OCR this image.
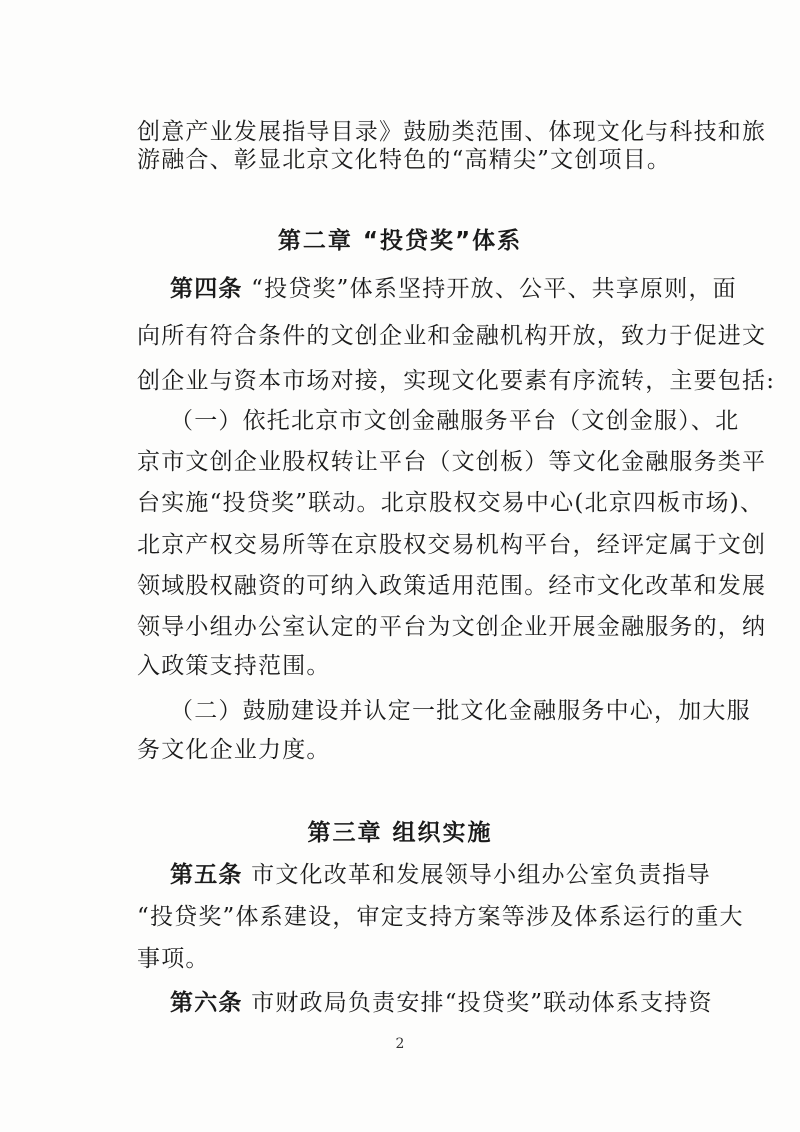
创意产业发展指导目录》鼓励类范围、体现文化与科技和旅
游融合、彰显北京文化特色的“高精尖”文创项目。
第二章 “投贷奖”体系
第四条 “投贷奖”体系坚持开放、公平、共享原则，面
向所有符合条件的文创企业和金融机构开放，致力于促进文
创企业与资本市场对接，实现文化要素有序流转，主要包括:
（一）依托北京市文创金融服务平台（文创金服）、北
京市文创企业股权转让平台（文创板）等文化金融服务类平
台实施“投贷奖”联动。北京股权交易中心(北京四板市场)、
北京产权交易所等在京股权交易机构平台，经评定属于文创
领域股权融资的可纳入政策适用范围。经市文化改革和发展
领导小组办公室认定的平台为文创企业开展金融服务的，纳
入政策支持范围。
（二）鼓励建设并认定一批文化金融服务中心，加大服
务文化企业力度。
第三章 组织实施
第五条 市文化改革和发展领导小组办公室负责指导
“投贷奖”体系建设，审定支持方案等涉及体系运行的重大
事项。
第六条 市财政局负责安排“投贷奖”联动体系支持资
2
